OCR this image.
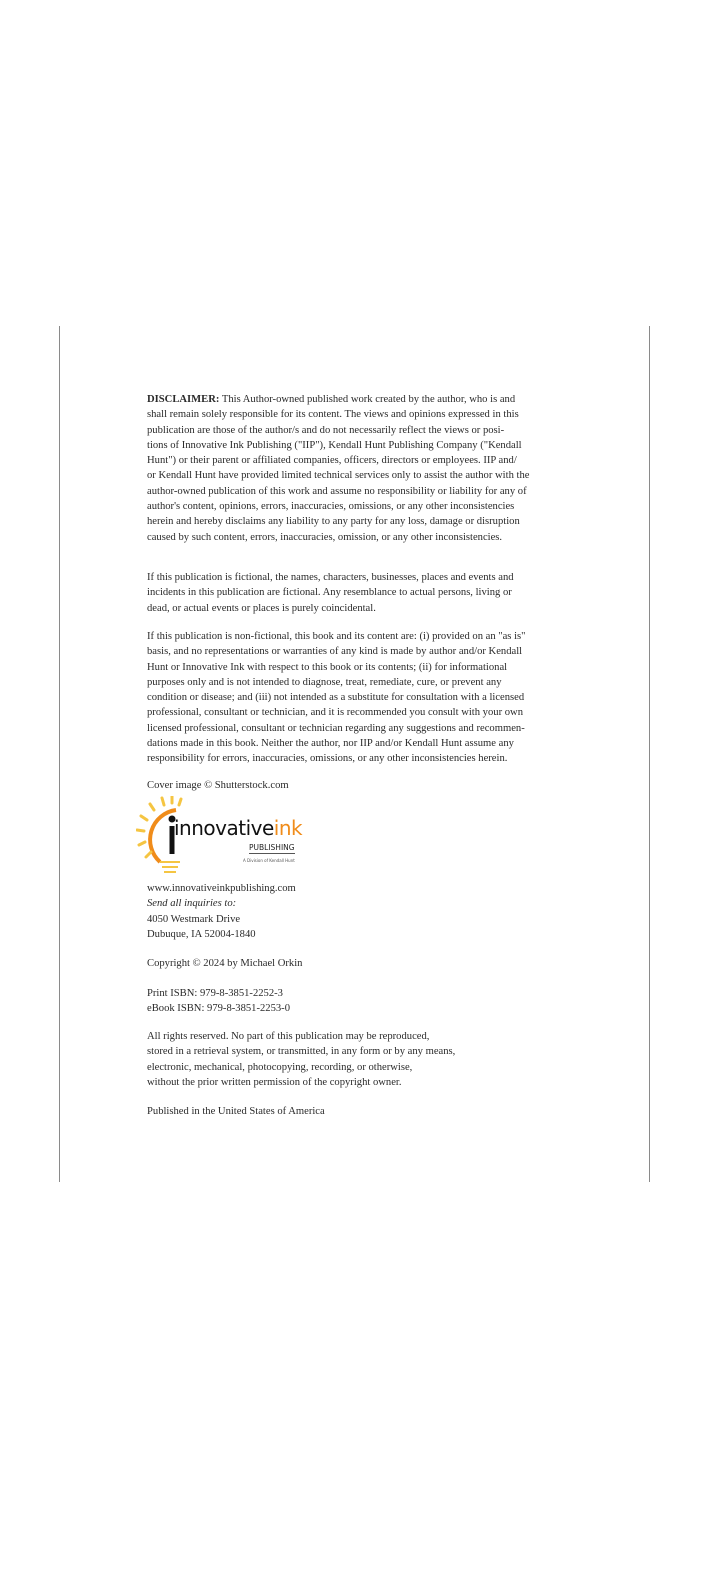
DISCLAIMER: This Author-owned published work created by the author, who is and
shall remain solely responsible for its content. The views and opinions expressed in this
publication are those of the author/s and do not necessarily reflect the views or posi-
tions of Innovative Ink Publishing ("IIP"), Kendall Hunt Publishing Company ("Kendall
Hunt") or their parent or affiliated companies, officers, directors or employees. IIP and/
or Kendall Hunt have provided limited technical services only to assist the author with the
author-owned publication of this work and assume no responsibility or liability for any of
author's content, opinions, errors, inaccuracies, omissions, or any other inconsistencies
herein and hereby disclaims any liability to any party for any loss, damage or disruption
caused by such content, errors, inaccuracies, omission, or any other inconsistencies.
If this publication is fictional, the names, characters, businesses, places and events and
incidents in this publication are fictional. Any resemblance to actual persons, living or
dead, or actual events or places is purely coincidental.
If this publication is non-fictional, this book and its content are: (i) provided on an "as is"
basis, and no representations or warranties of any kind is made by author and/or Kendall
Hunt or Innovative Ink with respect to this book or its contents; (ii) for informational
purposes only and is not intended to diagnose, treat, remediate, cure, or prevent any
condition or disease; and (iii) not intended as a substitute for consultation with a licensed
professional, consultant or technician, and it is recommended you consult with your own
licensed professional, consultant or technician regarding any suggestions and recommen-
dations made in this book. Neither the author, nor IIP and/or Kendall Hunt assume any
responsibility for errors, inaccuracies, omissions, or any other inconsistencies herein.
Cover image © Shutterstock.com
innovativeink
PUBLISHING
A Division of Kendall Hunt
www.innovativeinkpublishing.com
Send all inquiries to:
4050 Westmark Drive
Dubuque, IA 52004-1840
Copyright © 2024 by Michael Orkin
Print ISBN: 979-8-3851-2252-3
eBook ISBN: 979-8-3851-2253-0
All rights reserved. No part of this publication may be reproduced,
stored in a retrieval system, or transmitted, in any form or by any means,
electronic, mechanical, photocopying, recording, or otherwise,
without the prior written permission of the copyright owner.
Published in the United States of America
